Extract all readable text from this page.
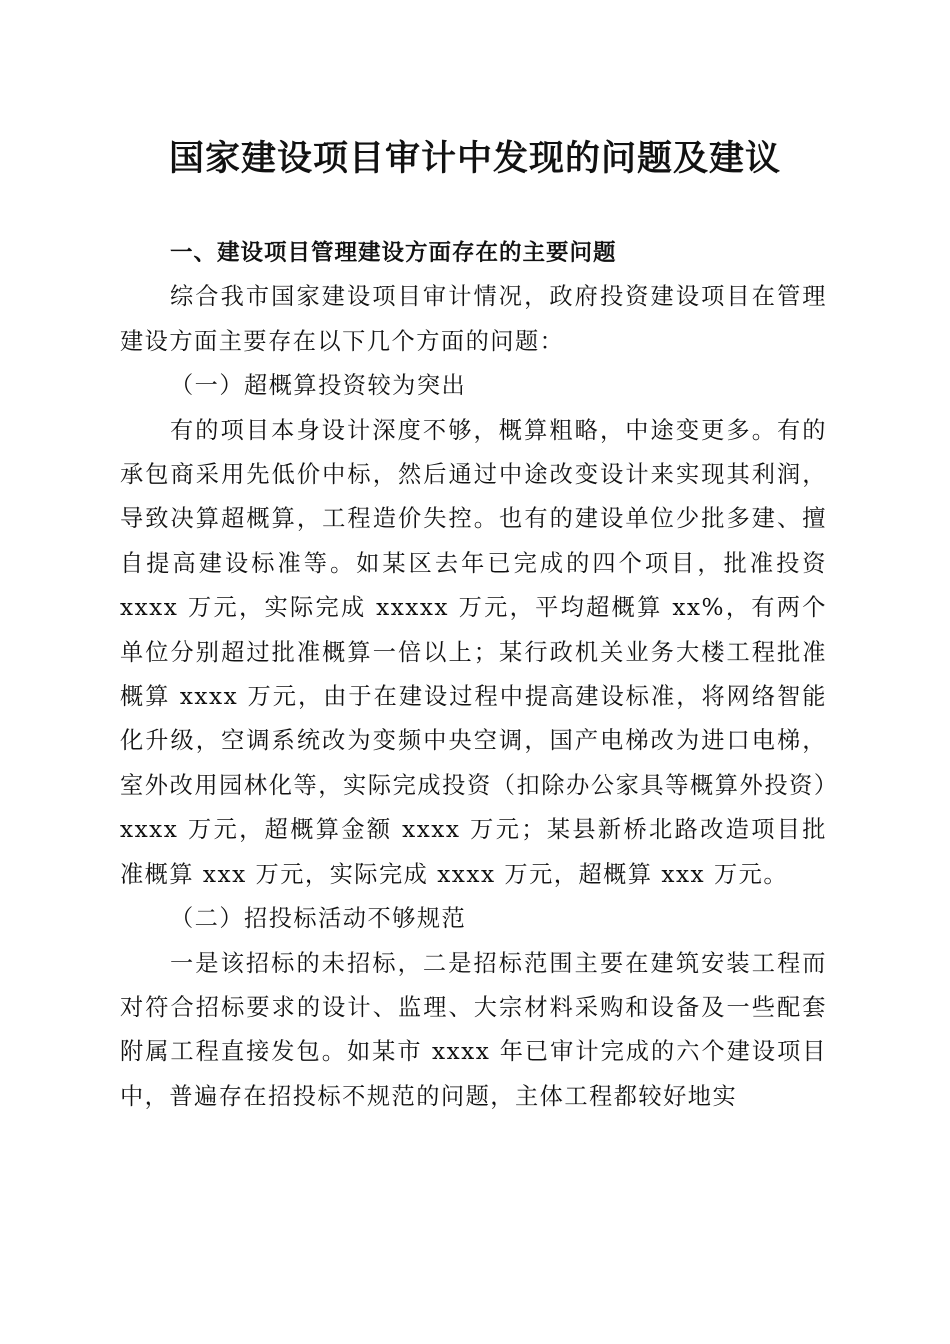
国家建设项目审计中发现的问题及建议

一、建设项目管理建设方面存在的主要问题

综合我市国家建设项目审计情况，政府投资建设项目在管理建设方面主要存在以下几个方面的问题：

（一）超概算投资较为突出

有的项目本身设计深度不够，概算粗略，中途变更多。有的承包商采用先低价中标，然后通过中途改变设计来实现其利润，导致决算超概算，工程造价失控。也有的建设单位少批多建、擅自提高建设标准等。如某区去年已完成的四个项目，批准投资 xxxx 万元，实际完成 xxxxx 万元，平均超概算 xx%，有两个单位分别超过批准概算一倍以上；某行政机关业务大楼工程批准概算 xxxx 万元，由于在建设过程中提高建设标准，将网络智能化升级，空调系统改为变频中央空调，国产电梯改为进口电梯，室外改用园林化等，实际完成投资（扣除办公家具等概算外投资）xxxx 万元，超概算金额 xxxx 万元；某县新桥北路改造项目批准概算 xxx 万元，实际完成 xxxx 万元，超概算 xxx 万元。

（二）招投标活动不够规范

一是该招标的未招标，二是招标范围主要在建筑安装工程而对符合招标要求的设计、监理、大宗材料采购和设备及一些配套附属工程直接发包。如某市 xxxx 年已审计完成的六个建设项目中，普遍存在招投标不规范的问题，主体工程都较好地实
